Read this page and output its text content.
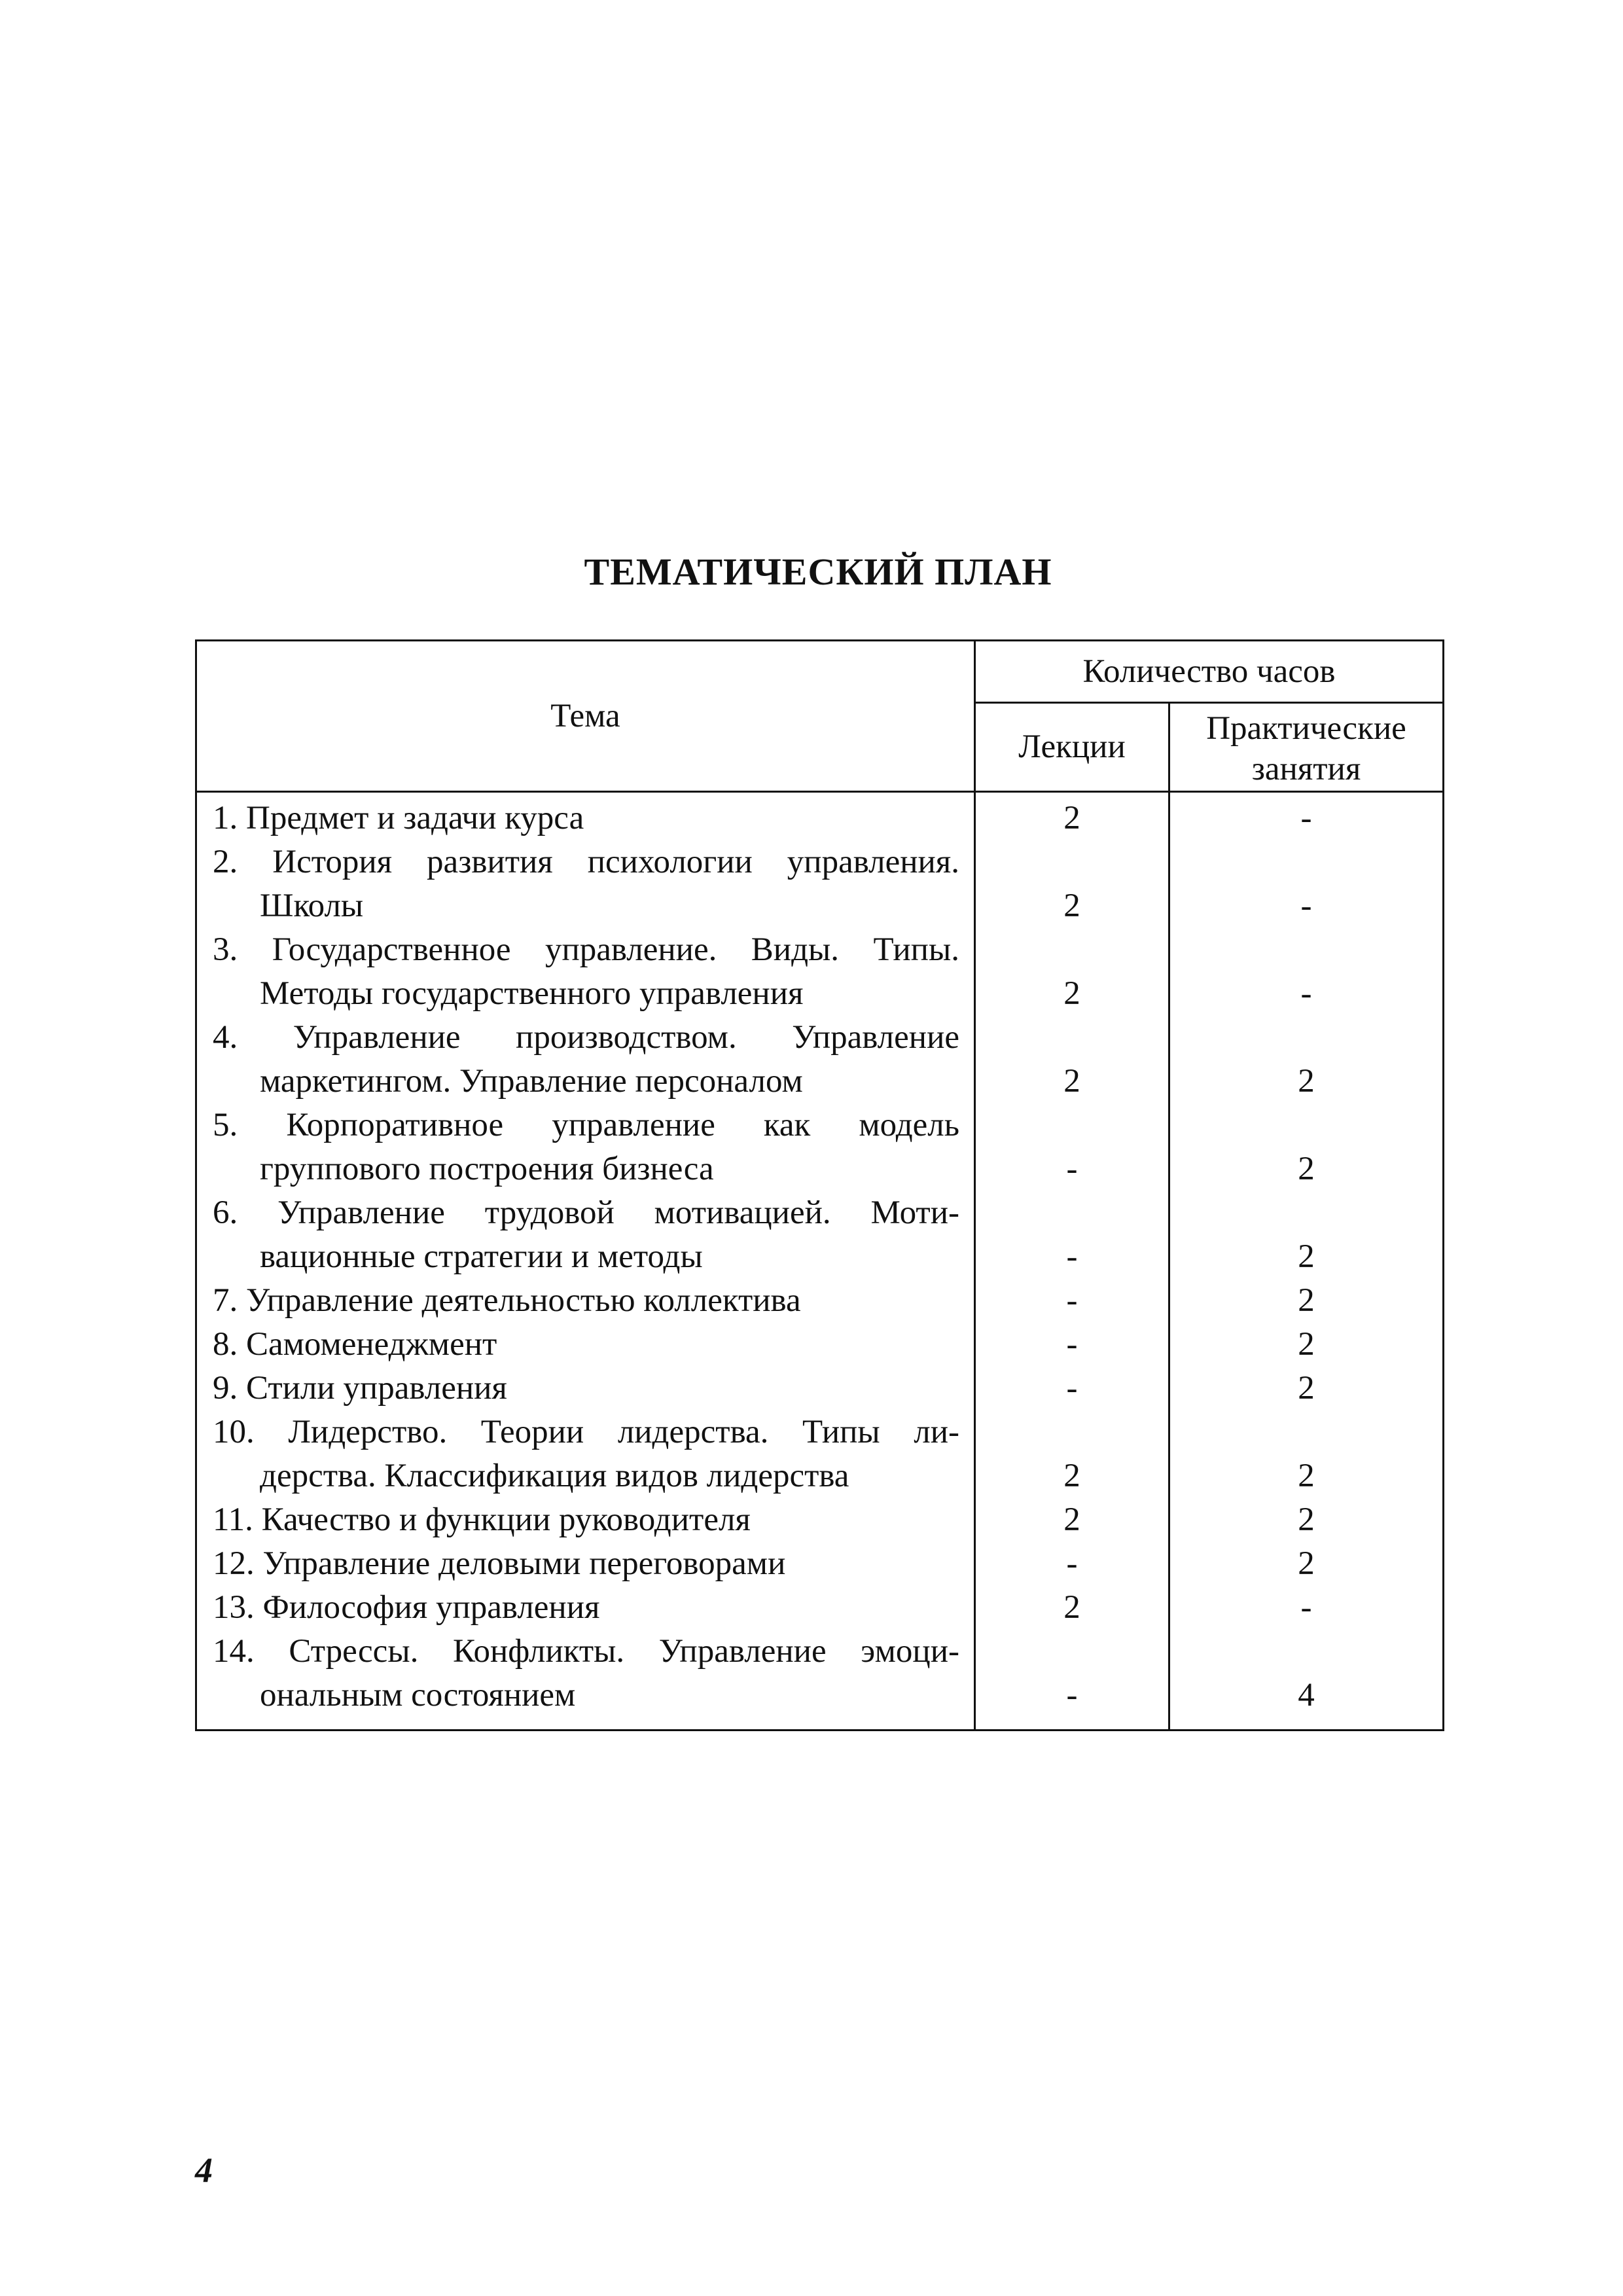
ТЕМАТИЧЕСКИЙ ПЛАН
Тема	Количество часов	
	Лекции	Практические
занятия

1. Предмет и задачи курса	2	-

2. История развития психологии управления.
Школы	2	-

3. Государственное управление. Виды. Типы.
Методы государственного управления	2	-

4. Управление производством. Управление
маркетингом. Управление персоналом	2	2

5. Корпоративное управление как модель
группового построения бизнеса	-	2

6. Управление трудовой мотивацией. Моти-
вационные стратегии и методы	-	2

7. Управление деятельностью коллектива	-	2

8. Самоменеджмент	-	2

9. Стили управления	-	2

10. Лидерство. Теории лидерства. Типы ли-
дерства. Классификация видов лидерства	2	2

11. Качество и функции руководителя	2	2

12. Управление деловыми переговорами	-	2

13. Философия управления	2	-

14. Стрессы. Конфликты. Управление эмоци-
ональным состоянием	-	4
4
